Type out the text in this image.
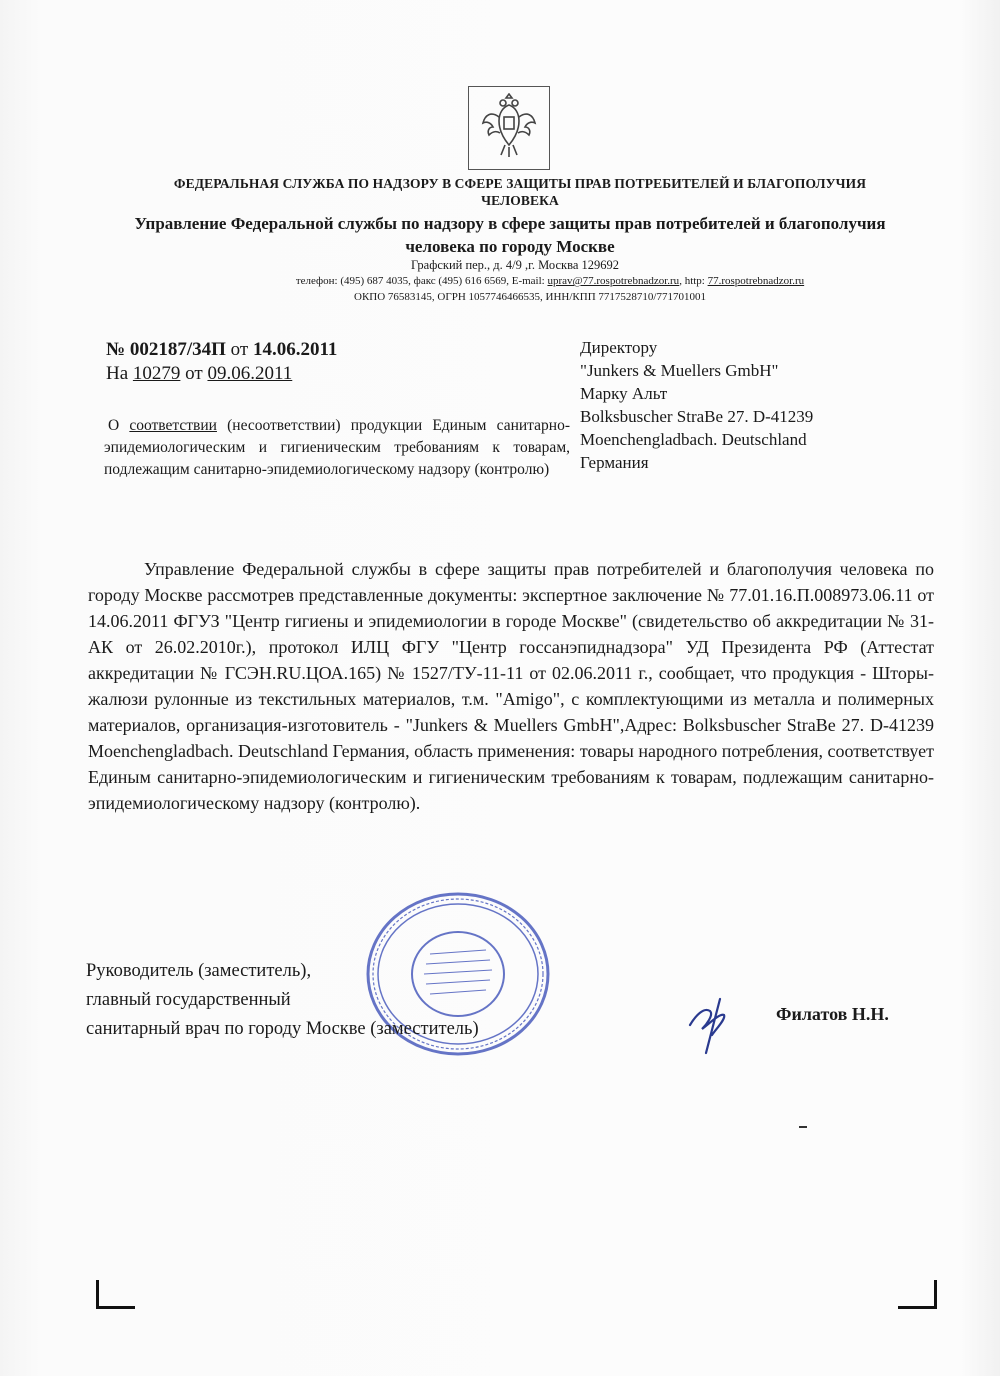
ФЕДЕРАЛЬНАЯ СЛУЖБА ПО НАДЗОРУ В СФЕРЕ ЗАЩИТЫ ПРАВ ПОТРЕБИТЕЛЕЙ И БЛАГОПОЛУЧИЯ ЧЕЛОВЕКА
Управление Федеральной службы по надзору в сфере защиты прав потребителей и благополучия человека по городу Москве
Графский пер., д. 4/9 ,г. Москва 129692
телефон: (495) 687 4035, факс (495) 616 6569, E-mail: uprav@77.rospotrebnadzor.ru, http: 77.rospotrebnadzor.ru
ОКПО 76583145, ОГРН 1057746466535, ИНН/КПП 7717528710/771701001
№ 002187/34П от 14.06.2011
На 10279 от 09.06.2011
О соответствии (несоответствии) продукции Единым санитарно-эпидемиологическим и гигиеническим требованиям к товарам, подлежащим санитарно-эпидемиологическому надзору (контролю)
Директору
"Junkers & Muellers GmbH"
Марку Альт
Bolksbuscher StraBe 27. D-41239
Moenchengladbach. Deutschland
Германия
Управление Федеральной службы в сфере защиты прав потребителей и благополучия человека по городу Москве рассмотрев представленные документы: экспертное заключение № 77.01.16.П.008973.06.11 от 14.06.2011 ФГУЗ "Центр гигиены и эпидемиологии в городе Москве" (свидетельство об аккредитации № 31-АК от 26.02.2010г.), протокол ИЛЦ ФГУ "Центр госсанэпиднадзора" УД Президента РФ (Аттестат аккредитации № ГСЭН.RU.ЦОА.165) № 1527/ТУ-11-11 от 02.06.2011 г., сообщает, что продукция - Шторы-жалюзи рулонные из текстильных материалов, т.м. "Amigo", с комплектующими из металла и полимерных материалов, организация-изготовитель - "Junkers & Muellers GmbH",Адрес: Bolksbuscher StraBe 27. D-41239 Moenchengladbach. Deutschland Германия, область применения: товары народного потребления, соответствует Единым санитарно-эпидемиологическим и гигиеническим требованиям к товарам, подлежащим санитарно-эпидемиологическому надзору (контролю).
Руководитель (заместитель),
главный государственный
санитарный врач по городу Москве (заместитель)
Филатов Н.Н.
